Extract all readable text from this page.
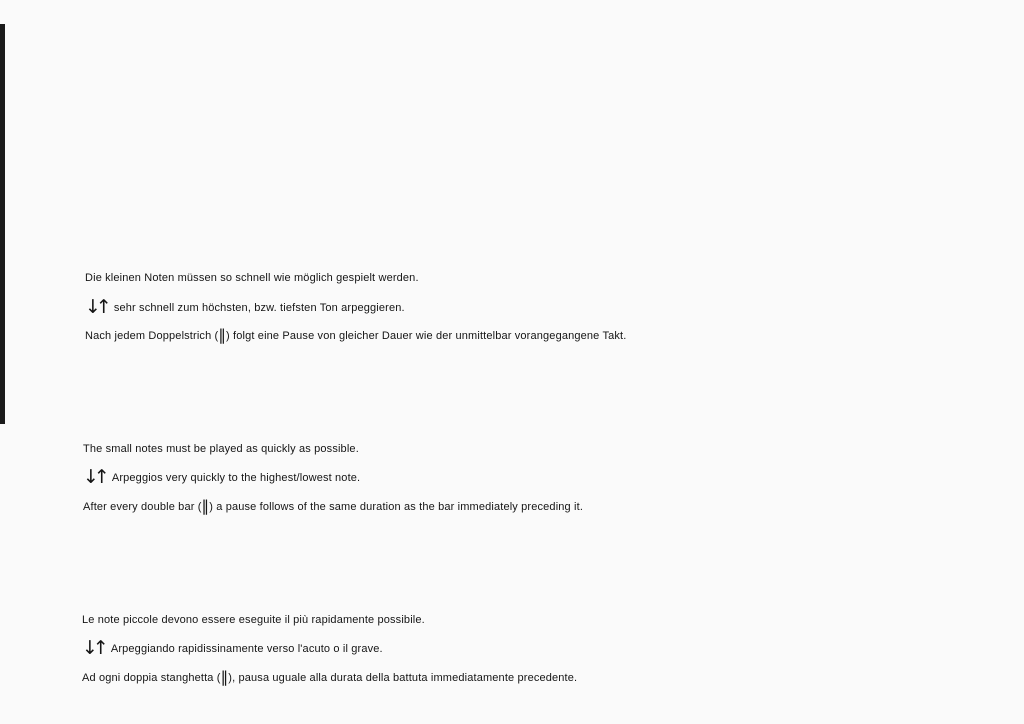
Die kleinen Noten müssen so schnell wie möglich gespielt werden.
↓↑ sehr schnell zum höchsten, bzw. tiefsten Ton arpeggieren.
Nach jedem Doppelstrich (‖) folgt eine Pause von gleicher Dauer wie der unmittelbar vorangegangene Takt.
The small notes must be played as quickly as possible.
↓↑ Arpeggios very quickly to the highest/lowest note.
After every double bar (‖) a pause follows of the same duration as the bar immediately preceding it.
Le note piccole devono essere eseguite il più rapidamente possibile.
↓↑ Arpeggiando rapidissinamente verso l'acuto o il grave.
Ad ogni doppia stanghetta (‖), pausa uguale alla durata della battuta immediatamente precedente.
